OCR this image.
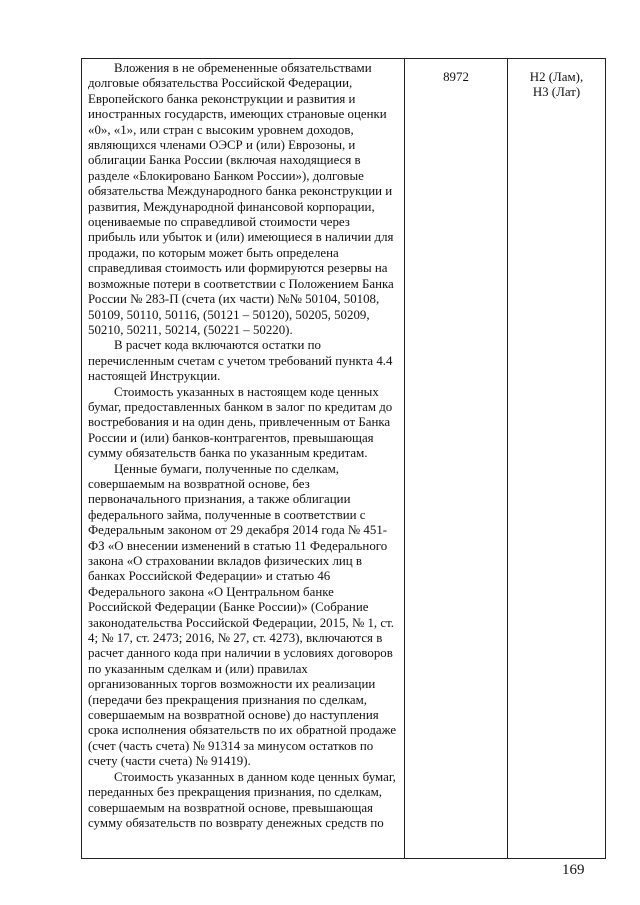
Вложения в не обремененные обязательствами долговые обязательства Российской Федерации, Европейского банка реконструкции и развития и иностранных государств, имеющих страновые оценки «0», «1», или стран с высоким уровнем доходов, являющихся членами ОЭСР и (или) Еврозоны, и облигации Банка России (включая находящиеся в разделе «Блокировано Банком России»), долговые обязательства Международного банка реконструкции и развития, Международной финансовой корпорации, оцениваемые по справедливой стоимости через прибыль или убыток и (или) имеющиеся в наличии для продажи, по которым может быть определена справедливая стоимость или формируются резервы на возможные потери в соответствии с Положением Банка России № 283-П (счета (их части) №№ 50104, 50108, 50109, 50110, 50116, (50121 – 50120), 50205, 50209, 50210, 50211, 50214, (50221 – 50220).

В расчет кода включаются остатки по перечисленным счетам с учетом требований пункта 4.4 настоящей Инструкции.

Стоимость указанных в настоящем коде ценных бумаг, предоставленных банком в залог по кредитам до востребования и на один день, привлеченным от Банка России и (или) банков-контрагентов, превышающая сумму обязательств банка по указанным кредитам.

Ценные бумаги, полученные по сделкам, совершаемым на возвратной основе, без первоначального признания, а также облигации федерального займа, полученные в соответствии с Федеральным законом от 29 декабря 2014 года № 451-ФЗ «О внесении изменений в статью 11 Федерального закона «О страховании вкладов физических лиц в банках Российской Федерации» и статью 46 Федерального закона «О Центральном банке Российской Федерации (Банке России)» (Собрание законодательства Российской Федерации, 2015, № 1, ст. 4; № 17, ст. 2473; 2016, № 27, ст. 4273), включаются в расчет данного кода при наличии в условиях договоров по указанным сделкам и (или) правилах организованных торгов возможности их реализации (передачи без прекращения признания по сделкам, совершаемым на возвратной основе) до наступления срока исполнения обязательств по их обратной продаже (счет (часть счета) № 91314 за минусом остатков по счету (части счета) № 91419).

Стоимость указанных в данном коде ценных бумаг, переданных без прекращения признания, по сделкам, совершаемым на возвратной основе, превышающая сумму обязательств по возврату денежных средств по

	8972	Н2 (Лам),
Н3 (Лат)
169
